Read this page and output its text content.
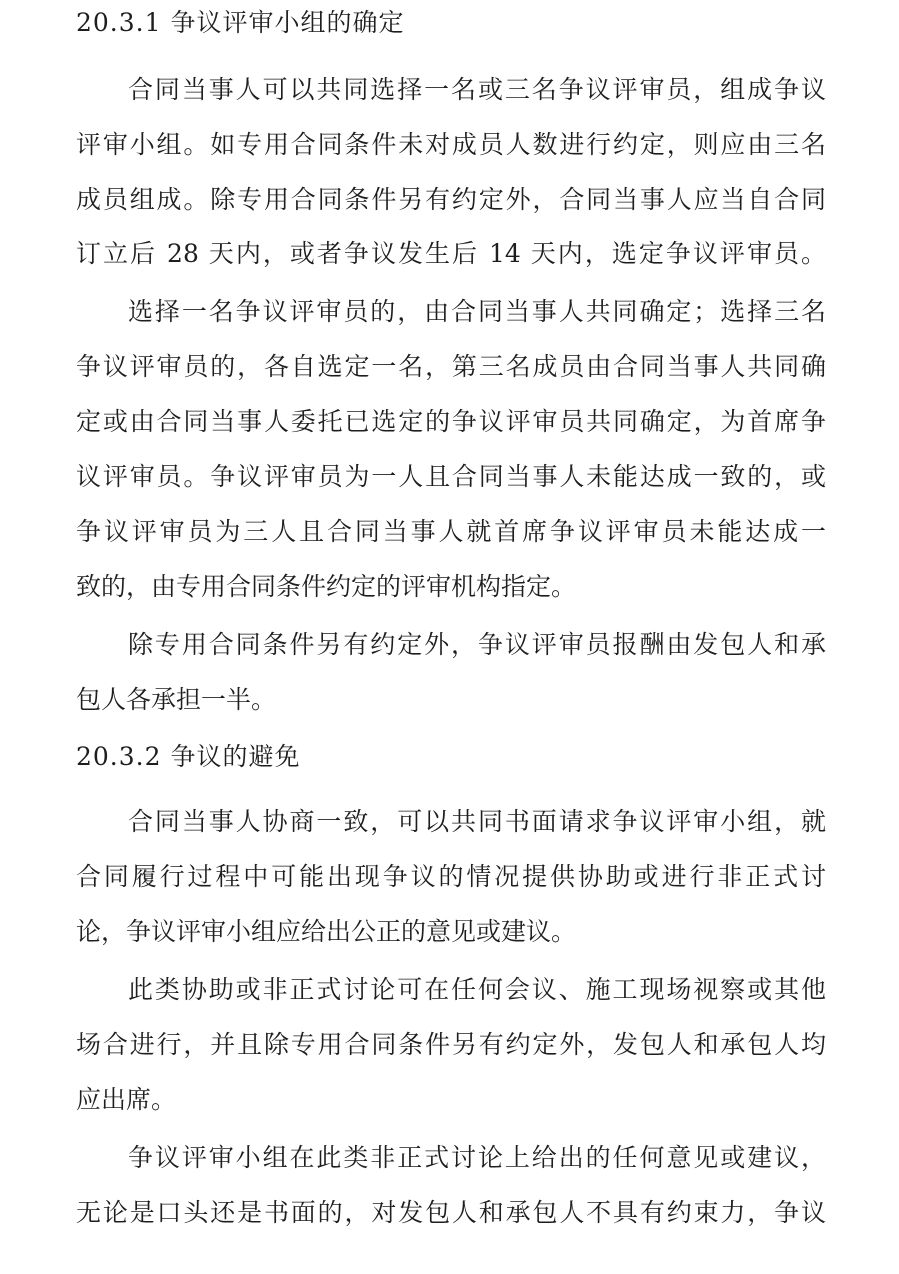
20.3.1 争议评审小组的确定
合同当事人可以共同选择一名或三名争议评审员，组成争议
评审小组。如专用合同条件未对成员人数进行约定，则应由三名
成员组成。除专用合同条件另有约定外，合同当事人应当自合同
订立后 28 天内，或者争议发生后 14 天内，选定争议评审员。
选择一名争议评审员的，由合同当事人共同确定；选择三名
争议评审员的，各自选定一名，第三名成员由合同当事人共同确
定或由合同当事人委托已选定的争议评审员共同确定，为首席争
议评审员。争议评审员为一人且合同当事人未能达成一致的，或
争议评审员为三人且合同当事人就首席争议评审员未能达成一
致的，由专用合同条件约定的评审机构指定。
除专用合同条件另有约定外，争议评审员报酬由发包人和承
包人各承担一半。
20.3.2 争议的避免
合同当事人协商一致，可以共同书面请求争议评审小组，就
合同履行过程中可能出现争议的情况提供协助或进行非正式讨
论，争议评审小组应给出公正的意见或建议。
此类协助或非正式讨论可在任何会议、施工现场视察或其他
场合进行，并且除专用合同条件另有约定外，发包人和承包人均
应出席。
争议评审小组在此类非正式讨论上给出的任何意见或建议，
无论是口头还是书面的，对发包人和承包人不具有约束力，争议
